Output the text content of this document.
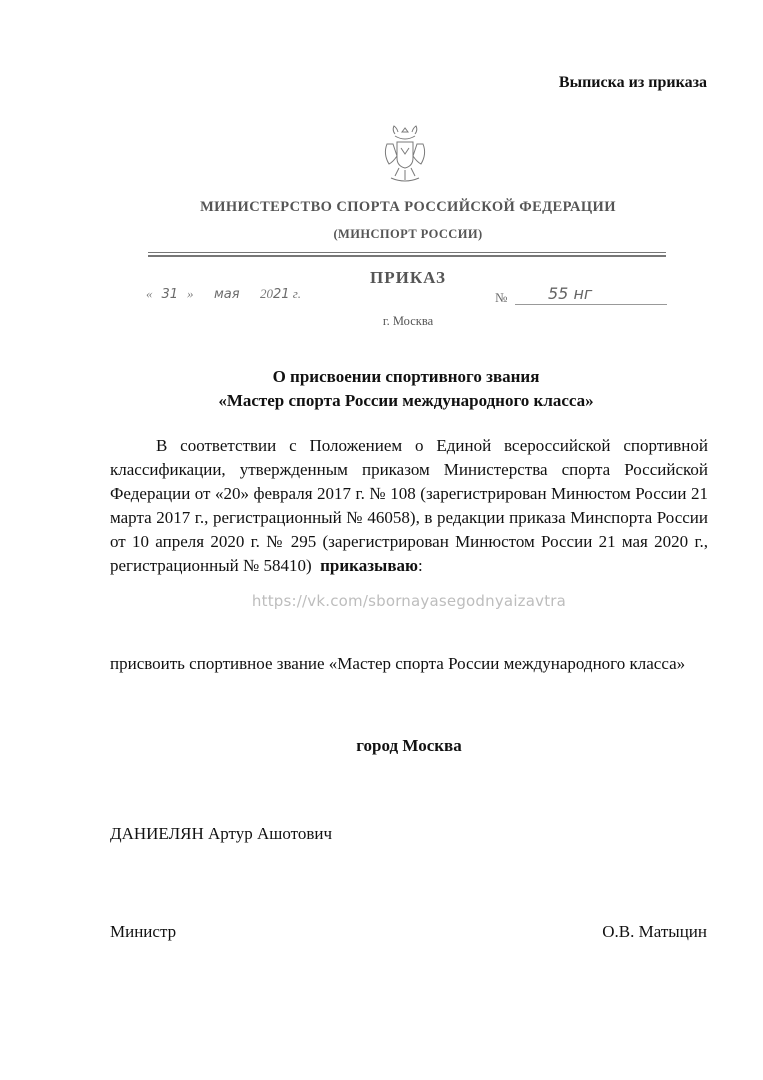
Выписка из приказа
МИНИСТЕРСТВО СПОРТА РОССИЙСКОЙ ФЕДЕРАЦИИ
(МИНСПОРТ РОССИИ)
ПРИКАЗ
« 31 » мая 2021 г.	№	55 нг
г. Москва
О присвоении спортивного звания
«Мастер спорта России международного класса»

В соответствии с Положением о Единой всероссийской спортивной классификации, утвержденным приказом Министерства спорта Российской Федерации от «20» февраля 2017 г. № 108 (зарегистрирован Минюстом России 21 марта 2017 г., регистрационный № 46058), в редакции приказа Минспорта России от 10 апреля 2020 г. № 295 (зарегистрирован Минюстом России 21 мая 2020 г., регистрационный № 58410) приказываю:

https://vk.com/sbornayasegodnyaizavtra
присвоить спортивное звание «Мастер спорта России международного класса»
город Москва
ДАНИЕЛЯН Артур Ашотович
Министр	О.В. Матыцин
